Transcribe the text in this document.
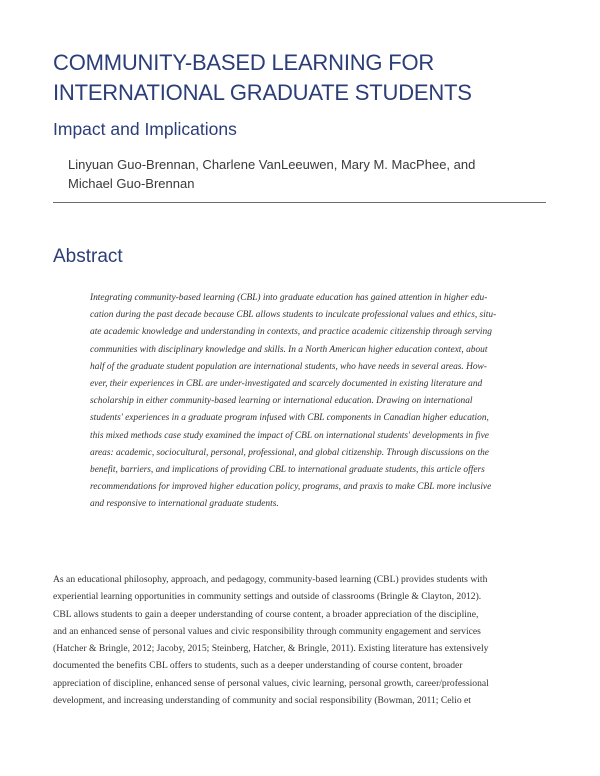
COMMUNITY-BASED LEARNING FOR
INTERNATIONAL GRADUATE STUDENTS
Impact and Implications

Linyuan Guo-Brennan, Charlene VanLeeuwen, Mary M. MacPhee, and
Michael Guo-Brennan

Abstract

Integrating community-based learning (CBL) into graduate education has gained attention in higher edu-
cation during the past decade because CBL allows students to inculcate professional values and ethics, situ-
ate academic knowledge and understanding in contexts, and practice academic citizenship through serving
communities with disciplinary knowledge and skills. In a North American higher education context, about
half of the graduate student population are international students, who have needs in several areas. How-
ever, their experiences in CBL are under-investigated and scarcely documented in existing literature and
scholarship in either community-based learning or international education. Drawing on international
students' experiences in a graduate program infused with CBL components in Canadian higher education,
this mixed methods case study examined the impact of CBL on international students' developments in five
areas: academic, sociocultural, personal, professional, and global citizenship. Through discussions on the
benefit, barriers, and implications of providing CBL to international graduate students, this article offers
recommendations for improved higher education policy, programs, and praxis to make CBL more inclusive
and responsive to international graduate students.

As an educational philosophy, approach, and pedagogy, community-based learning (CBL) provides students with
experiential learning opportunities in community settings and outside of classrooms (Bringle & Clayton, 2012).
CBL allows students to gain a deeper understanding of course content, a broader appreciation of the discipline,
and an enhanced sense of personal values and civic responsibility through community engagement and services
(Hatcher & Bringle, 2012; Jacoby, 2015; Steinberg, Hatcher, & Bringle, 2011). Existing literature has extensively
documented the benefits CBL offers to students, such as a deeper understanding of course content, broader
appreciation of discipline, enhanced sense of personal values, civic learning, personal growth, career/professional
development, and increasing understanding of community and social responsibility (Bowman, 2011; Celio et
